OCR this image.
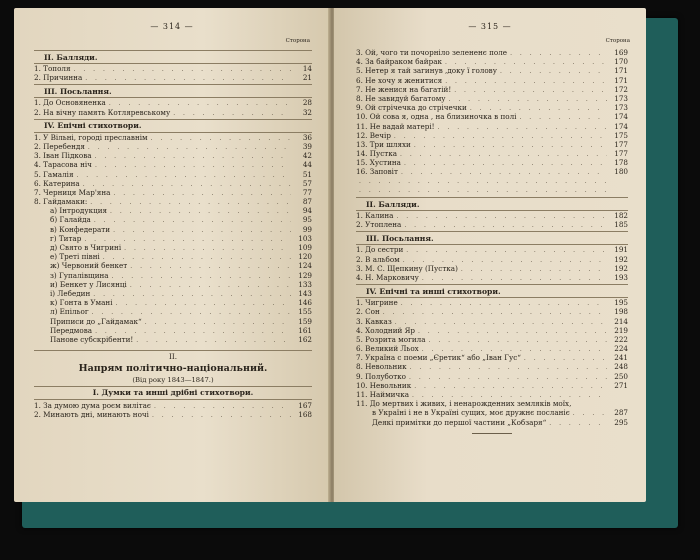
— 314 —
Сторона
II. Балляди.
1. Тополя . . .	14
2. Причинна . . .	21
III. Посьлання.
1. До Основяненка . . .	28
2. На вічну память Котляревському . . .	32
IV. Епічні стихотвори.
1. У Вільні, городі преславнім . . .	36
2. Перебендя . . .	39
3. Іван Підкова . . .	42
4. Тарасова ніч . . .	44
5. Гамалія . . .	51
6. Катерина . . .	57
7. Черниця Мар'яна . . .	77
8. Гайдамаки: . . .	87
a) Інтродукция . . .	94
б) Галайда . . .	95
в) Конфедерати . . .	99
г) Титар . . .	103
д) Свято в Чигрині . . .	109
е) Треті півні . . .	120
ж) Червоний бенкет . . .	124
з) Гупалівщина . . .	129
и) Бенкет у Лисянці . . .	133
і) Лебедин . . .	143
к) Гонта в Умані . . .	146
л) Епільог . . .	155
Приписи до „Гайдамак“ . . .	159
Передмова . . .	161
Панове субскрібенти! . . .	162
II.
Напрям політично-національний.
(Від року 1843—1847.)
I. Думки та инші дрібні стихотвори.
1. За думою дума роєм вилітає . . .	167
2. Минають дні, минають ночі . . .	168
— 315 —
Сторона
3. Ой, чого ти почорніло зелененє поле . . .	169
4. За байраком байрак . . .	170
5. Нетер я тай загинув ,доку ї голову . . .	171
6. Не хочу я женитися . . .	171
7. Не женися на багатій! . . .	172
8. Не завидуй багатому . . .	173
9. Ой стрічечка до стрічечки . . .	173
10. Ой сова я, одна , на близиночка в полі . . .	174
11. Не вадай матері! . . .	174
12. Вечір . . .	175
13. Три шляхи . . .	177
14. Пустка . . .	177
15. Хустина . . .	178
16. Заповіт . . .	180
. . .
. . .
II. Балляди.
1. Калина . . .	182
2. Утоплена . . .	185
III. Посьлання.
1. До сестри . . .	191
2. В альбом . . .	192
3. М. С. Щепкину (Пустка) . . .	192
4. Н. Марковичу . . .	193
IV. Епічні та инші стихотвори.
1. Чигрине . . .	195
2. Сон . . .	198
3. Кавказ . . .	214
4. Холодний Яр . . .	219
5. Розрита могила . . .	222
6. Великий Льох . . .	224
7. Україна с поеми „Єретик“ або „Іван Гус“ . . .	241
8. Невольник . . .	248
9. Полуботко . . .	250
10. Невольник . . .	271
11. Наймичка
. . .
11. До мертвих і живих, і ненарожденних землякiв моїх,
в Україні і не в Україні сущих, моє дружнє посланіє . . .	287
Деякі примітки до першої частини „Кобзаря“ . . .	295
